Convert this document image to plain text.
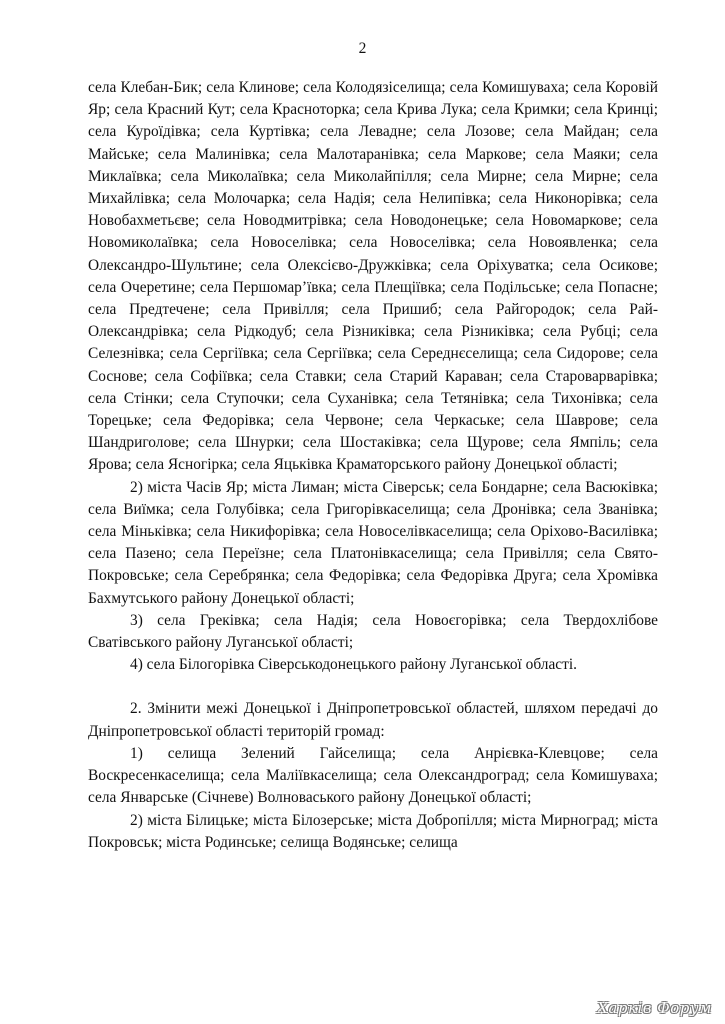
2

села Клебан-Бик; села Клинове; села Колодязіселища; села Комишуваха; села Коровій Яр; села Красний Кут; села Красноторка; села Крива Лука; села Кримки; села Кринці; села Куроїдівка; села Куртівка; села Левадне; села Лозове; села Майдан; села Майське; села Малинівка; села Малотаранівка; села Маркове; села Маяки; села Миклаївка; села Миколаївка; села Миколайпілля; села Мирне; села Мирне; села Михайлівка; села Молочарка; села Надія; села Нелипівка; села Никонорівка; села Новобахметьєве; села Новодмитрівка; села Новодонецьке; села Новомаркове; села Новомиколаївка; села Новоселівка; села Новоселівка; села Новоявленка; села Олександро-Шультине; села Олексієво-Дружківка; села Оріхуватка; села Осикове; села Очеретине; села Першомар’ївка; села Плещіївка; села Подільське; села Попасне; села Предтечене; села Привілля; села Пришиб; села Райгородок; села Рай-Олександрівка; села Рідкодуб; села Різниківка; села Різниківка; села Рубці; села Селезнівка; села Сергіївка; села Сергіївка; села Середнєселища; села Сидорове; села Соснове; села Софіївка; села Ставки; села Старий Караван; села Староварварівка; села Стінки; села Ступочки; села Суханівка; села Тетянівка; села Тихонівка; села Торецьке; села Федорівка; села Червоне; села Черкаське; села Шаврове; села Шандриголове; села Шнурки; села Шостаківка; села Щурове; села Ямпіль; села Ярова; села Ясногірка; села Яцьківка Краматорського району Донецької області;

2) міста Часів Яр; міста Лиман; міста Сіверськ; села Бондарне; села Васюківка; села Виїмка; села Голубівка; села Григорівкаселища; села Дронівка; села Званівка; села Міньківка; села Никифорівка; села Новоселівкаселища; села Оріхово-Василівка; села Пазено; села Переїзне; села Платонівкаселища; села Привілля; села Свято-Покровське; села Серебрянка; села Федорівка; села Федорівка Друга; села Хромівка Бахмутського району Донецької області;

3) села Греківка; села Надія; села Новоєгорівка; села Твердохлібове Сватівського району Луганської області;

4) села Білогорівка Сіверськодонецького району Луганської області.

2. Змінити межі Донецької і Дніпропетровської областей, шляхом передачі до Дніпропетровської області територій громад:

1) селища Зелений Гайселища; села Анрієвка-Клевцове; села Воскресенкаселища; села Маліївкаселища; села Олександроград; села Комишуваха; села Январське (Січневе) Волноваського району Донецької області;

2) міста Білицьке; міста Білозерське; міста Добропілля; міста Мирноград; міста Покровськ; міста Родинське; селища Водянське; селища

Харків Форум
